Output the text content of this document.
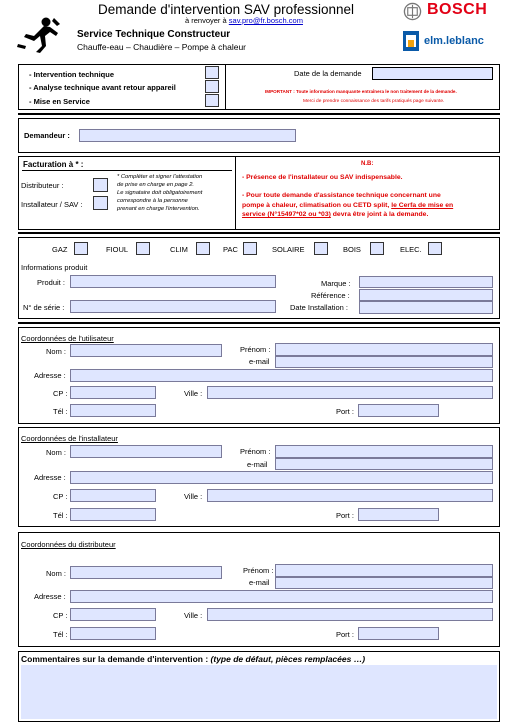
Demande d'intervention SAV professionnel
à renvoyer à sav.pro@fr.bosch.com
BOSCH
Service Technique Constructeur
Chauffe-eau – Chaudière – Pompe à chaleur	elm.leblanc
- Intervention technique
- Analyse technique avant retour appareil
- Mise en Service
Date de la demande
IMPORTANT : Toute information manquante entraînera le non traitement de la demande.
Merci de prendre connaissance des tarifs pratiqués page suivante.
Demandeur :
Facturation à * :
Distributeur :
Installateur / SAV :
* Compléter et signer l'attestation
de prise en charge en page 2.
Le signataire doit obligatoirement
correspondre à la personne
prenant en charge l'intervention.
N.B:
- Présence de l'installateur ou SAV indispensable.
- Pour toute demande d'assistance technique concernant une
pompe à chaleur, climatisation ou CETD split, le Cerfa de mise en
service (N°15497*02 ou *03) devra être joint à la demande.
GAZ	FIOUL	CLIM	PAC	SOLAIRE	BOIS	ELEC.
Informations produit
Produit :
N° de série :
Marque :
Référence :
Date Installation :
Coordonnées de l'utilisateur
Nom :	Prénom :
e-mail
Adresse :
CP :	Ville :
Tél :	Port :
Coordonnées de l'installateur
Nom :	Prénom :
e-mail
Adresse :
CP :	Ville :
Tél :	Port :
Coordonnées du distributeur
Nom :	Prénom :
e-mail
Adresse :
CP :	Ville :
Tél :	Port :
Commentaires sur la demande d'intervention : (type de défaut, pièces remplacées …)
